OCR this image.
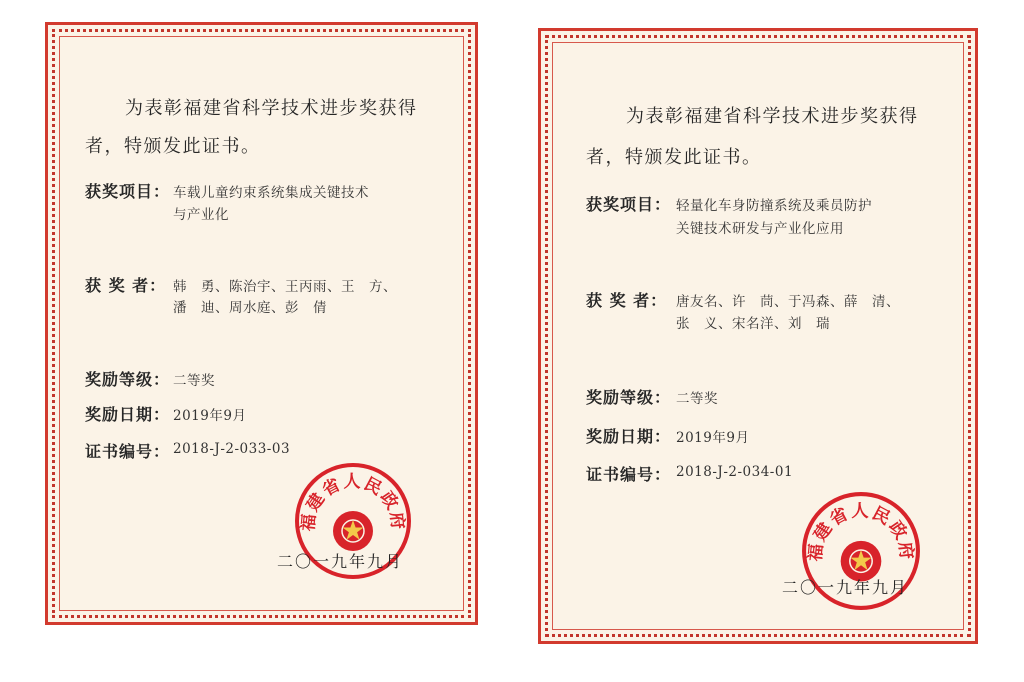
为表彰福建省科学技术进步奖获得
者，特颁发此证书。
获奖项目： 车载儿童约束系统集成关键技术
与产业化
获 奖 者： 韩　勇、陈治宇、王丙雨、王　方、
潘　迪、周水庭、彭　倩
奖励等级： 二等奖
奖励日期： 2019年9月
证书编号： 2018-J-2-033-03
福建省人民政府
二〇一九年九月
为表彰福建省科学技术进步奖获得
者，特颁发此证书。
获奖项目： 轻量化车身防撞系统及乘员防护
关键技术研发与产业化应用
获 奖 者： 唐友名、许　茼、于冯森、薛　清、
张　义、宋名洋、刘　瑞
奖励等级： 二等奖
奖励日期： 2019年9月
证书编号： 2018-J-2-034-01
福建省人民政府
二〇一九年九月
